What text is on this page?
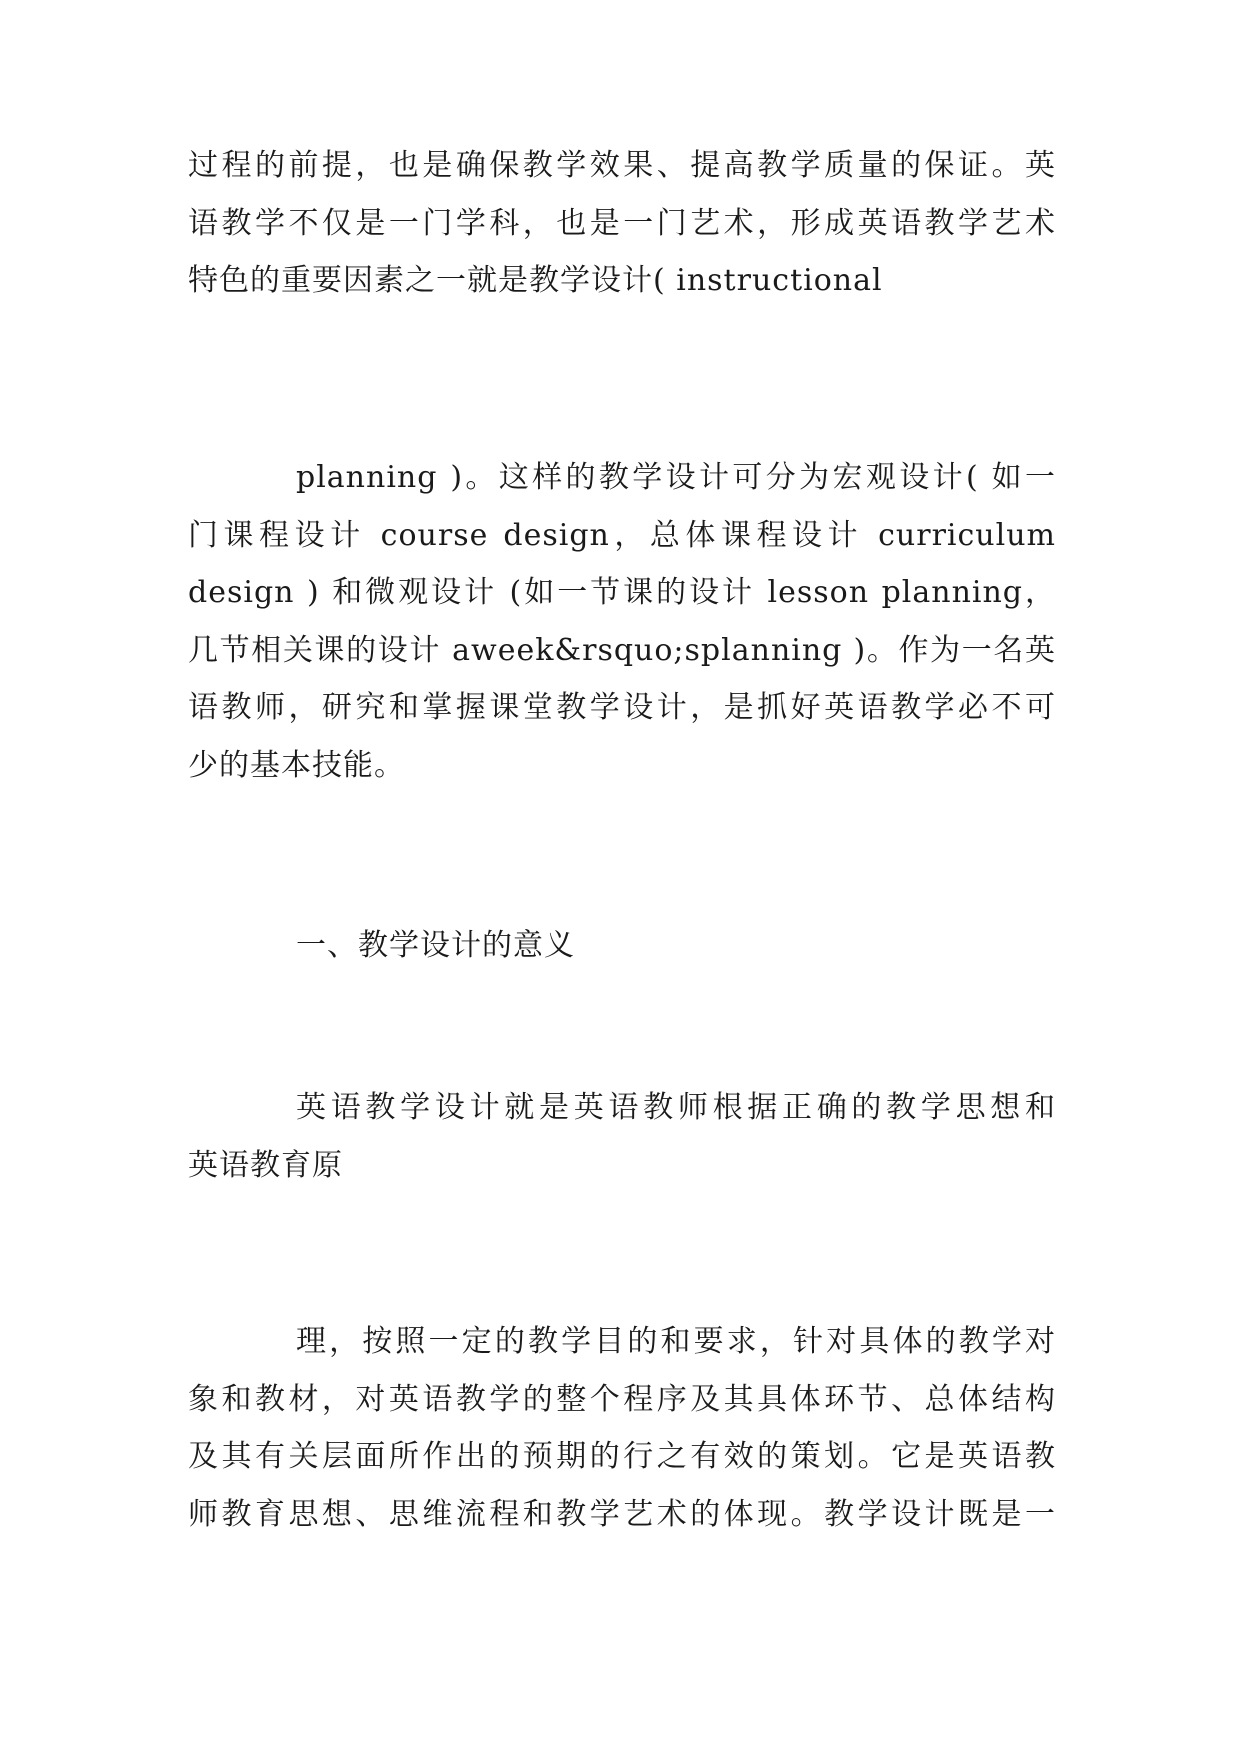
过程的前提，也是确保教学效果、提高教学质量的保证。英
语教学不仅是一门学科，也是一门艺术，形成英语教学艺术
特色的重要因素之一就是教学设计( instructional
planning )。这样的教学设计可分为宏观设计( 如一
门课程设计 course design，总体课程设计 curriculum
design ) 和微观设计 (如一节课的设计 lesson planning，
几节相关课的设计 aweek&rsquo;splanning )。作为一名英
语教师，研究和掌握课堂教学设计，是抓好英语教学必不可
少的基本技能。
一、教学设计的意义
英语教学设计就是英语教师根据正确的教学思想和
英语教育原
理，按照一定的教学目的和要求，针对具体的教学对
象和教材，对英语教学的整个程序及其具体环节、总体结构
及其有关层面所作出的预期的行之有效的策划。它是英语教
师教育思想、思维流程和教学艺术的体现。教学设计既是一
